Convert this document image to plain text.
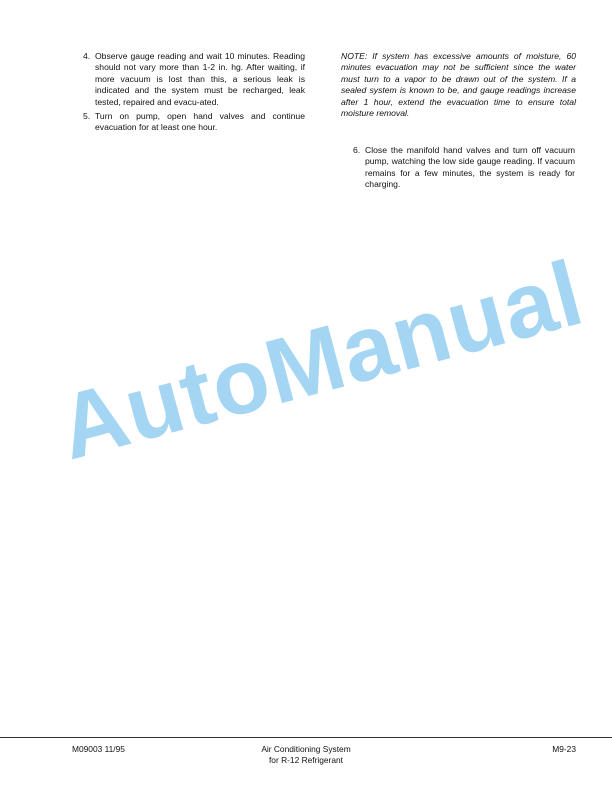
4. Observe gauge reading and wait 10 minutes. Reading should not vary more than 1-2 in. hg. After waiting, if more vacuum is lost than this, a serious leak is indicated and the system must be recharged, leak tested, repaired and evacu-ated.
5. Turn on pump, open hand valves and continue evacuation for at least one hour.

NOTE: If system has excessive amounts of moisture, 60 minutes evacuation may not be sufficient since the water must turn to a vapor to be drawn out of the system. If a sealed system is known to be, and gauge readings increase after 1 hour, extend the evacuation time to ensure total moisture removal.

6. Close the manifold hand valves and turn off vacuum pump, watching the low side gauge reading. If vacuum remains for a few minutes, the system is ready for charging.
AutoManual
M09003 11/95	Air Conditioning System
for R-12 Refrigerant
M9-23
